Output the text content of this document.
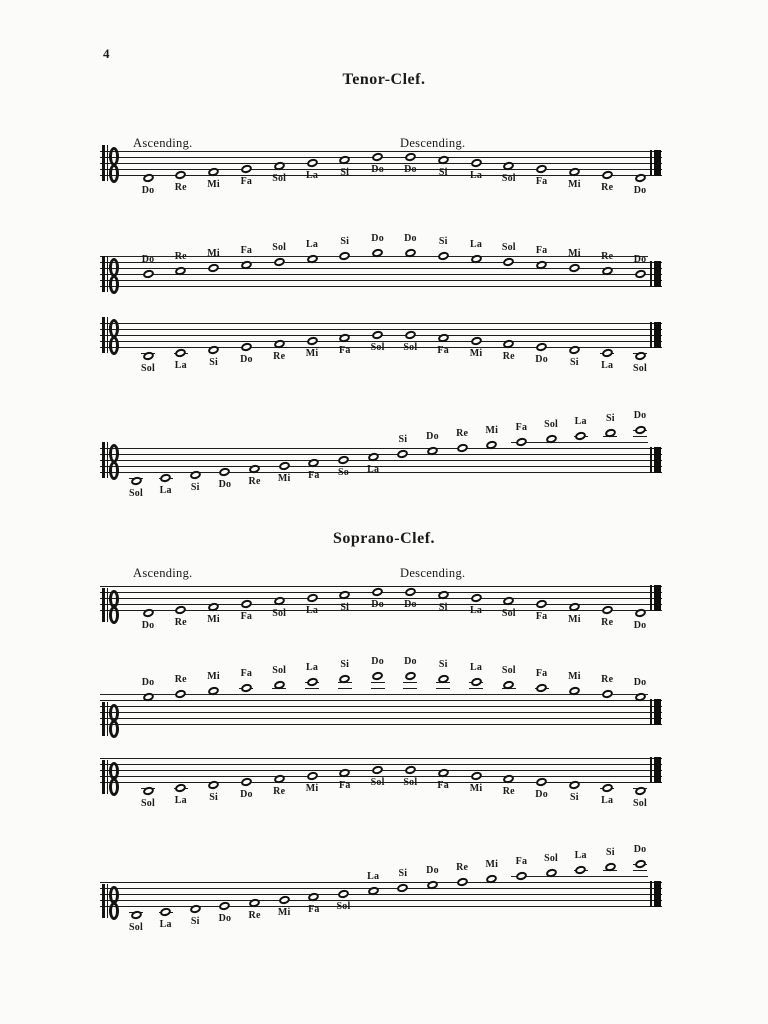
4
Tenor-Clef.
Ascending.	Descending.
Do	Re	Mi	Fa	Sol	La	Si	Do	Do	Si	La	Sol	Fa	Mi	Re	Do
Do	Re	Mi	Fa	Sol	La	Si	Do	Do	Si	La	Sol	Fa	Mi	Re	Do
Sol	La	Si	Do	Re	Mi	Fa	Sol	Sol	Fa	Mi	Re	Do	Si	La	Sol
Sol	La	Si	Do	Re	Mi	Fa	So	La
Si	Do	Re	Mi	Fa	Sol	La	Si	Do
Soprano-Clef.
Ascending.	Descending.
Do	Re	Mi	Fa	Sol	La	Si	Do	Do	Si	La	Sol	Fa	Mi	Re	Do
Do	Re	Mi	Fa	Sol	La	Si	Do	Do	Si	La	Sol	Fa	Mi	Re	Do
Sol	La	Si	Do	Re	Mi	Fa	Sol	Sol	Fa	Mi	Re	Do	Si	La	Sol
Sol	La	Si	Do	Re	Mi	Fa	Sol
La	Si	Do	Re	Mi	Fa	Sol	La	Si	Do
